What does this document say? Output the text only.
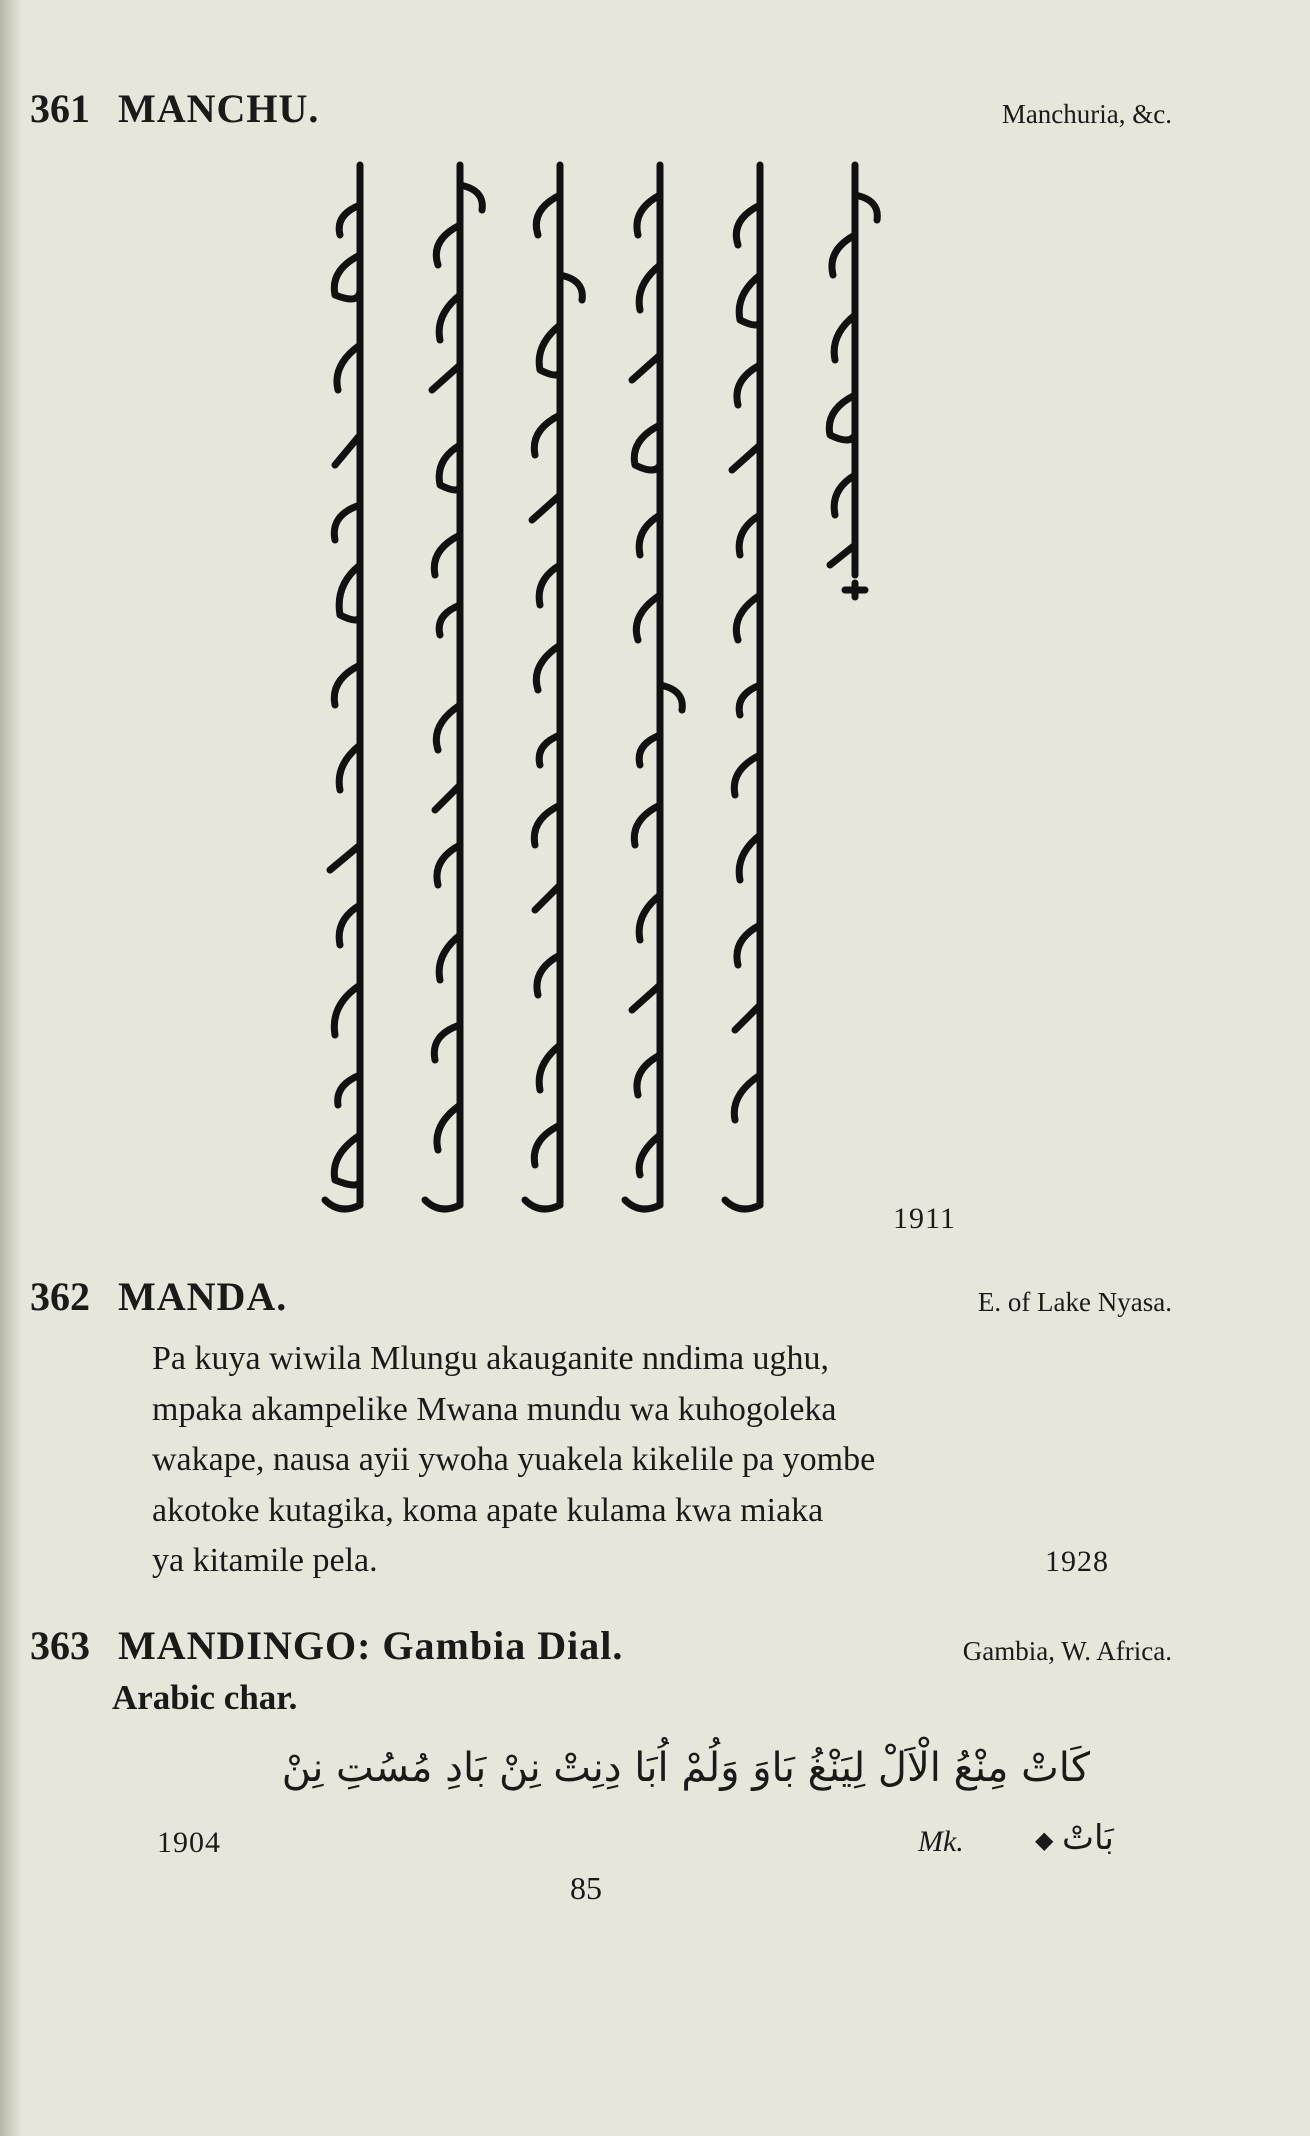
361 MANCHU.	Manchuria, &c.
1911
362 MANDA.	E. of Lake Nyasa.
Pa kuya wiwila Mlungu akauganite nndima ughu,
mpaka akampelike Mwana mundu wa kuhogoleka
wakape, nausa ayii ywoha yuakela kikelile pa yombe
akotoke kutagika, koma apate kulama kwa miaka
ya kitamile pela.	1928
363 MANDINGO: Gambia Dial.	Gambia, W. Africa.
Arabic char.
كَاتْ مِنْعُ الْاَلْ لِيَنْغُ بَاوَ وَلُمْ اُبَا دِنِتْ نِنْ بَادِ مُسُتِ نِنْ
1904	Mk.	◆ بَاتْ
85
